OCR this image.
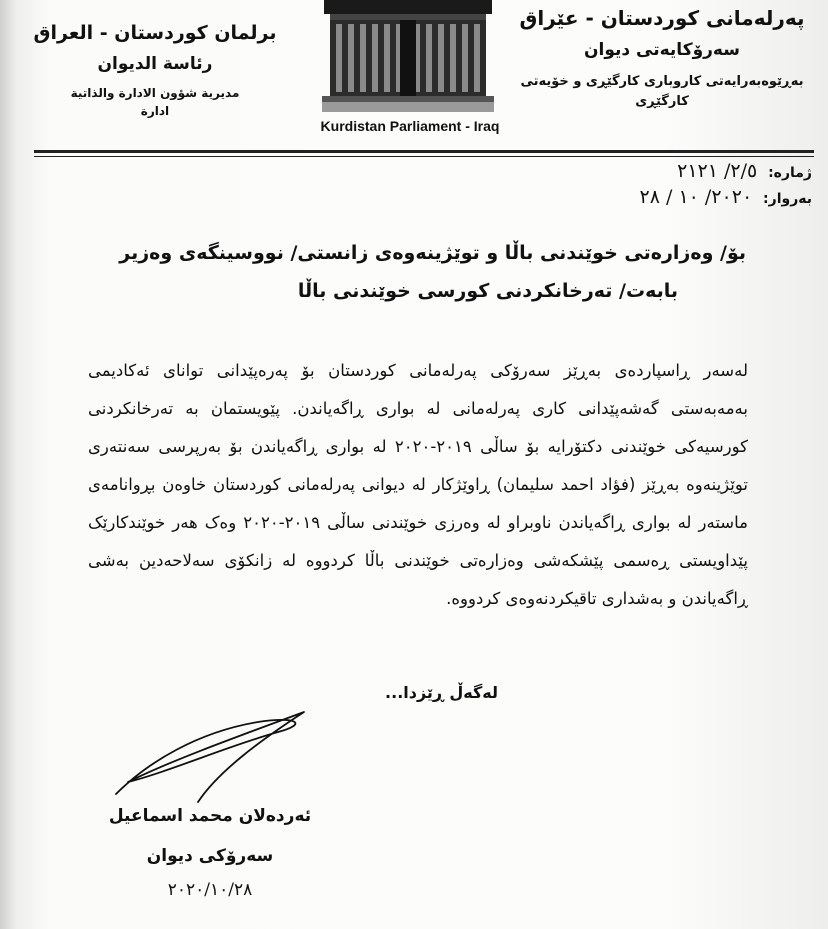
پەرلەمانی کوردستان - عێراق
سەرۆکایەتی دیوان
بەڕێوەبەرایەتی کاروباری کارگێڕی و خۆیەتی کارگێڕی
برلمان كوردستان - العراق
رئاسة الديوان
مديرية شؤون الادارة والذاتية
ادارة
Kurdistan Parliament - Iraq
ژمارە: ٢/٥/ ٢١٢١
بەروار: ٢٠٢٠/ ١٠ / ٢٨
بۆ/ وەزارەتی خوێندنی باڵا و توێژینەوەی زانستی/ نووسینگەی وەزیر
بابەت/ تەرخانکردنی کورسی خوێندنی باڵا
لەسەر ڕاسپاردەی بەڕێز سەرۆکی پەرلەمانی کوردستان بۆ پەرەپێدانی توانای ئەکادیمی بەمەبەستی گەشەپێدانی کاری پەرلەمانی لە بواری ڕاگەیاندن. پێویستمان بە تەرخانکردنی کورسیەکی خوێندنی دکتۆرایە بۆ ساڵی ٢٠١٩-٢٠٢٠ لە بواری ڕاگەیاندن بۆ بەرپرسی سەنتەری توێژینەوە بەڕێز (فؤاد احمد سليمان) ڕاوێژکار لە دیوانی پەرلەمانی کوردستان خاوەن بڕوانامەی ماستەر لە بواری ڕاگەیاندن ناوبراو لە وەرزی خوێندنی ساڵی ٢٠١٩-٢٠٢٠ وەک هەر خوێندکارێک پێداویستی ڕەسمی پێشکەشی وەزارەتی خوێندنی باڵا کردووە لە زانکۆی سەلاحەدین بەشی ڕاگەیاندن و بەشداری تاقیکردنەوەی کردووە.
لەگەڵ ڕێزدا...
ئەردەلان محمد اسماعيل
سەرۆکی دیوان
٢٠٢٠/١٠/٢٨
